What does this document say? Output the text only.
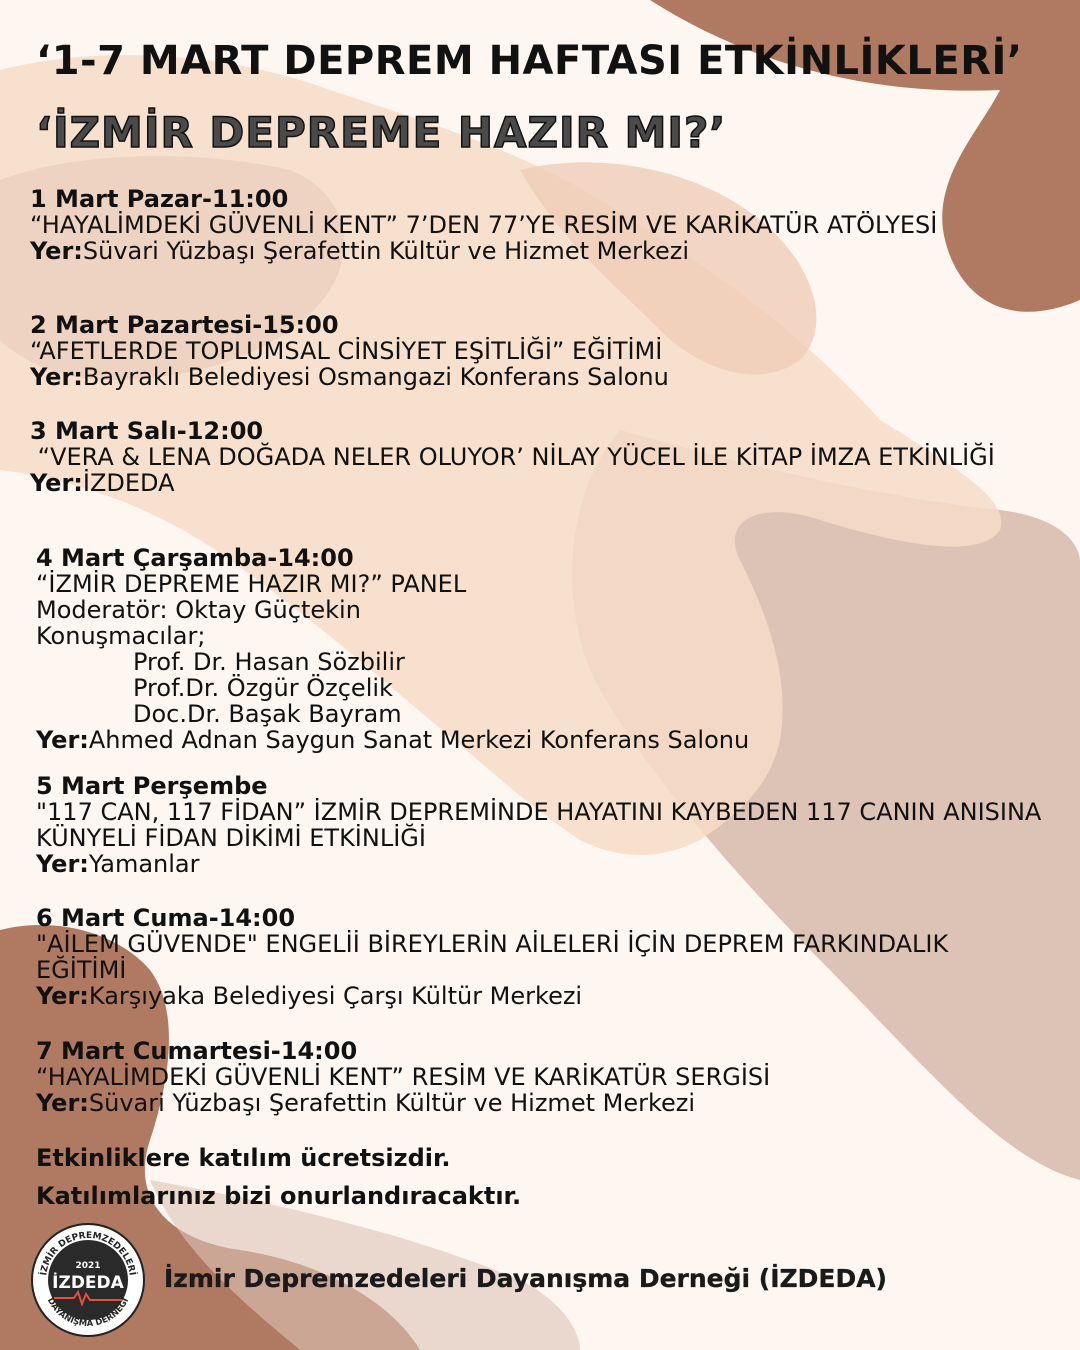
‘1-7 MART DEPREM HAFTASI ETKİNLİKLERİ’
‘İZMİR DEPREME HAZIR MI?’
1 Mart Pazar-11:00
“HAYALİMDEKİ GÜVENLİ KENT” 7’DEN 77’YE RESİM VE KARİKATÜR ATÖLYESİ
Yer:Süvari Yüzbaşı Şerafettin Kültür ve Hizmet Merkezi
2 Mart Pazartesi-15:00
“AFETLERDE TOPLUMSAL CİNSİYET EŞİTLİĞİ” EĞİTİMİ
Yer:Bayraklı Belediyesi Osmangazi Konferans Salonu
3 Mart Salı-12:00
“VERA & LENA DOĞADA NELER OLUYOR’ NİLAY YÜCEL İLE KİTAP İMZA ETKİNLİĞİ
Yer:İZDEDA
4 Mart Çarşamba-14:00
“İZMİR DEPREME HAZIR MI?” PANEL
Moderatör: Oktay Güçtekin
Konuşmacılar;
Prof. Dr. Hasan Sözbilir
Prof.Dr. Özgür Özçelik
Doc.Dr. Başak Bayram
Yer:Ahmed Adnan Saygun Sanat Merkezi Konferans Salonu
5 Mart Perşembe
"117 CAN, 117 FİDAN” İZMİR DEPREMİNDE HAYATINI KAYBEDEN 117 CANIN ANISINA KÜNYELİ FİDAN DİKİMİ ETKİNLİĞİ
Yer:Yamanlar
6 Mart Cuma-14:00
"AİLEM GÜVENDE" ENGELİİ BİREYLERİN AİLELERİ İÇİN DEPREM FARKINDALIK EĞİTİMİ
Yer:Karşıyaka Belediyesi Çarşı Kültür Merkezi
7 Mart Cumartesi-14:00
“HAYALİMDEKİ GÜVENLİ KENT” RESİM VE KARİKATÜR SERGİSİ
Yer:Süvari Yüzbaşı Şerafettin Kültür ve Hizmet Merkezi
Etkinliklere katılım ücretsizdir.
Katılımlarınız bizi onurlandıracaktır.
İZMİR DEPREMZEDELERİ
DAYANIŞMA DERNEĞİ
2021
İZDEDA İzmir Depremzedeleri Dayanışma Derneği (İZDEDA)
